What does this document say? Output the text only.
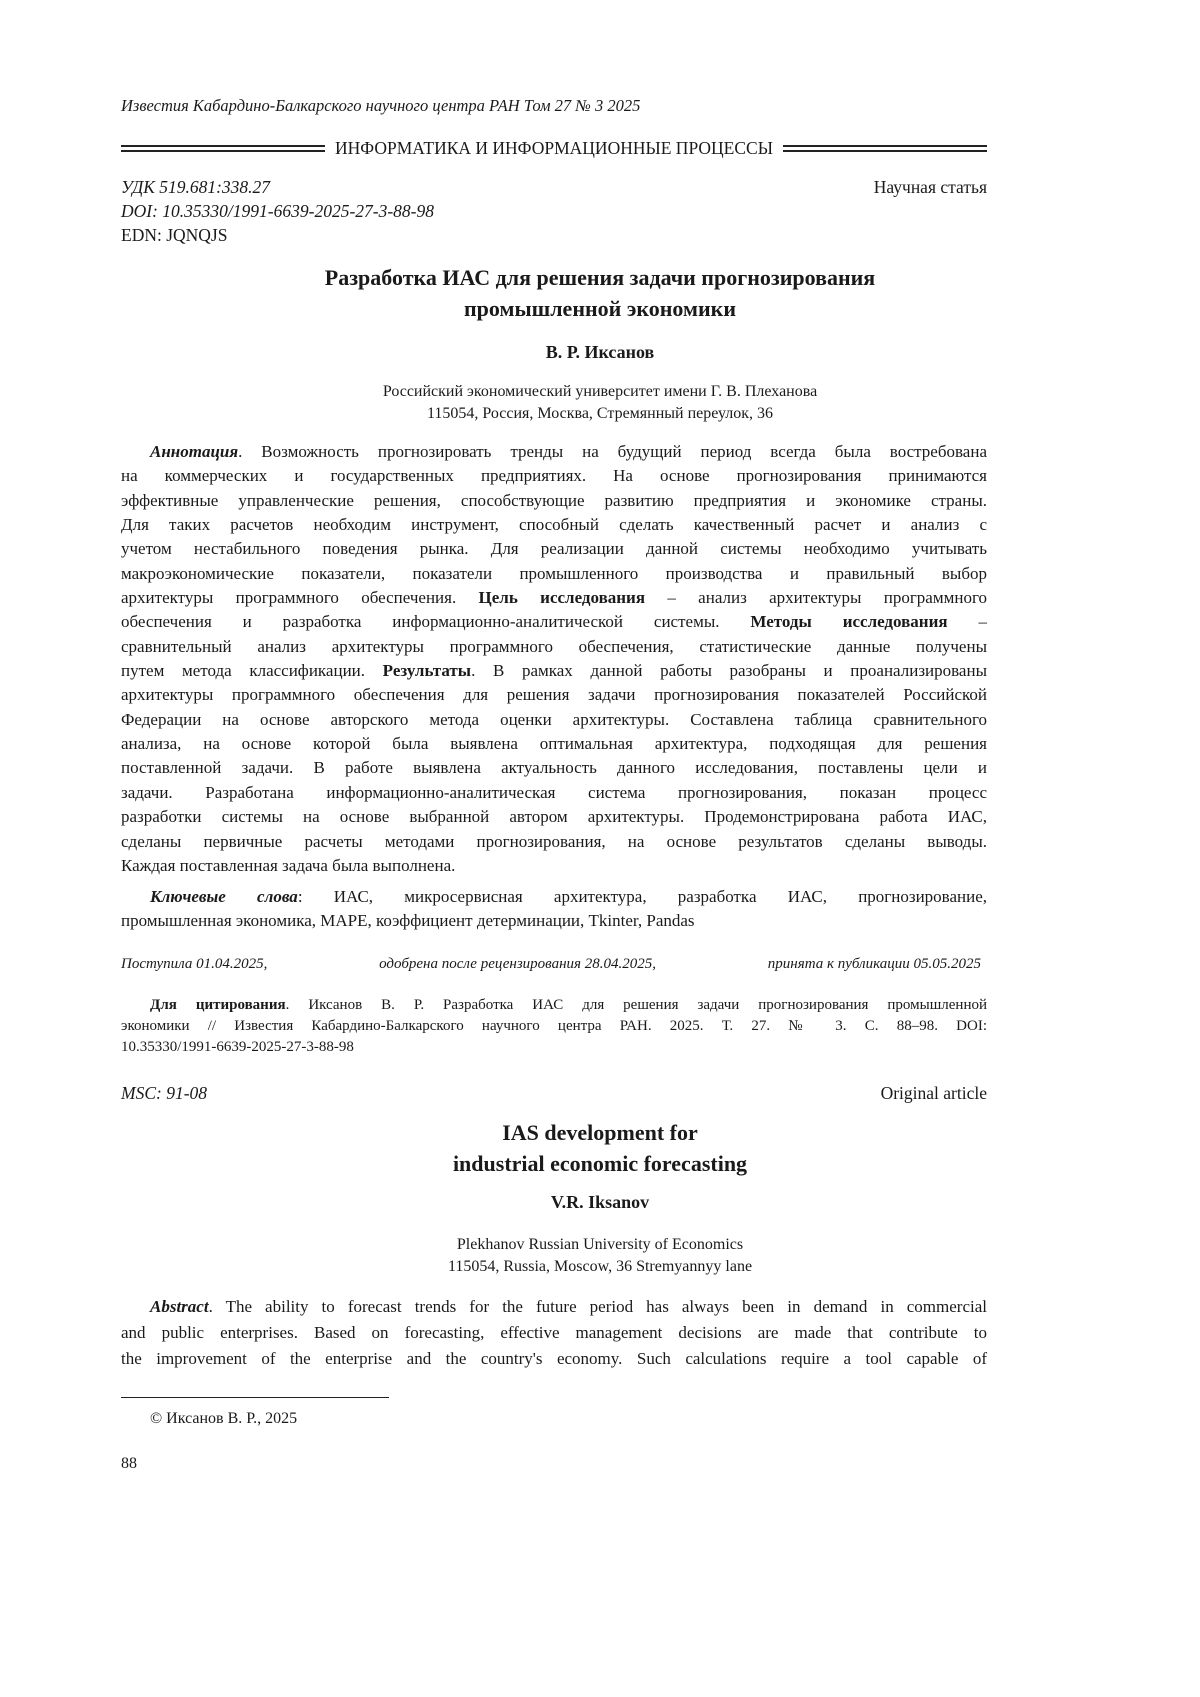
Известия Кабардино-Балкарского научного центра РАН Том 27 № 3 2025
ИНФОРМАТИКА И ИНФОРМАЦИОННЫЕ ПРОЦЕССЫ
УДК 519.681:338.27
DOI: 10.35330/1991-6639-2025-27-3-88-98
EDN: JQNQJS
Научная статья
Разработка ИАС для решения задачи прогнозирования
промышленной экономики
В. Р. Иксанов
Российский экономический университет имени Г. В. Плеханова
115054, Россия, Москва, Стремянный переулок, 36
Аннотация. Возможность прогнозировать тренды на будущий период всегда была востребована
на коммерческих и государственных предприятиях. На основе прогнозирования принимаются
эффективные управленческие решения, способствующие развитию предприятия и экономике страны.
Для таких расчетов необходим инструмент, способный сделать качественный расчет и анализ с
учетом нестабильного поведения рынка. Для реализации данной системы необходимо учитывать
макроэкономические показатели, показатели промышленного производства и правильный выбор
архитектуры программного обеспечения. Цель исследования – анализ архитектуры программного
обеспечения и разработка информационно-аналитической системы. Методы исследования –
сравнительный анализ архитектуры программного обеспечения, статистические данные получены
путем метода классификации. Результаты. В рамках данной работы разобраны и проанализированы
архитектуры программного обеспечения для решения задачи прогнозирования показателей Российской
Федерации на основе авторского метода оценки архитектуры. Составлена таблица сравнительного
анализа, на основе которой была выявлена оптимальная архитектура, подходящая для решения
поставленной задачи. В работе выявлена актуальность данного исследования, поставлены цели и
задачи. Разработана информационно-аналитическая система прогнозирования, показан процесс
разработки системы на основе выбранной автором архитектуры. Продемонстрирована работа ИАС,
сделаны первичные расчеты методами прогнозирования, на основе результатов сделаны выводы.
Каждая поставленная задача была выполнена.
Ключевые слова: ИАС, микросервисная архитектура, разработка ИАС, прогнозирование,
промышленная экономика, MAPE, коэффициент детерминации, Tkinter, Pandas
Поступила 01.04.2025,	одобрена после рецензирования 28.04.2025,	принята к публикации 05.05.2025
Для цитирования. Иксанов В. Р. Разработка ИАС для решения задачи прогнозирования промышленной
экономики // Известия Кабардино-Балкарского научного центра РАН. 2025. Т. 27. № 3. С. 88–98. DOI:
10.35330/1991-6639-2025-27-3-88-98
MSC: 91-08	Original article
IAS development for
industrial economic forecasting
V.R. Iksanov
Plekhanov Russian University of Economics
115054, Russia, Moscow, 36 Stremyannyy lane
Abstract. The ability to forecast trends for the future period has always been in demand in commercial
and public enterprises. Based on forecasting, effective management decisions are made that contribute to
the improvement of the enterprise and the country's economy. Such calculations require a tool capable of
© Иксанов В. Р., 2025
88
